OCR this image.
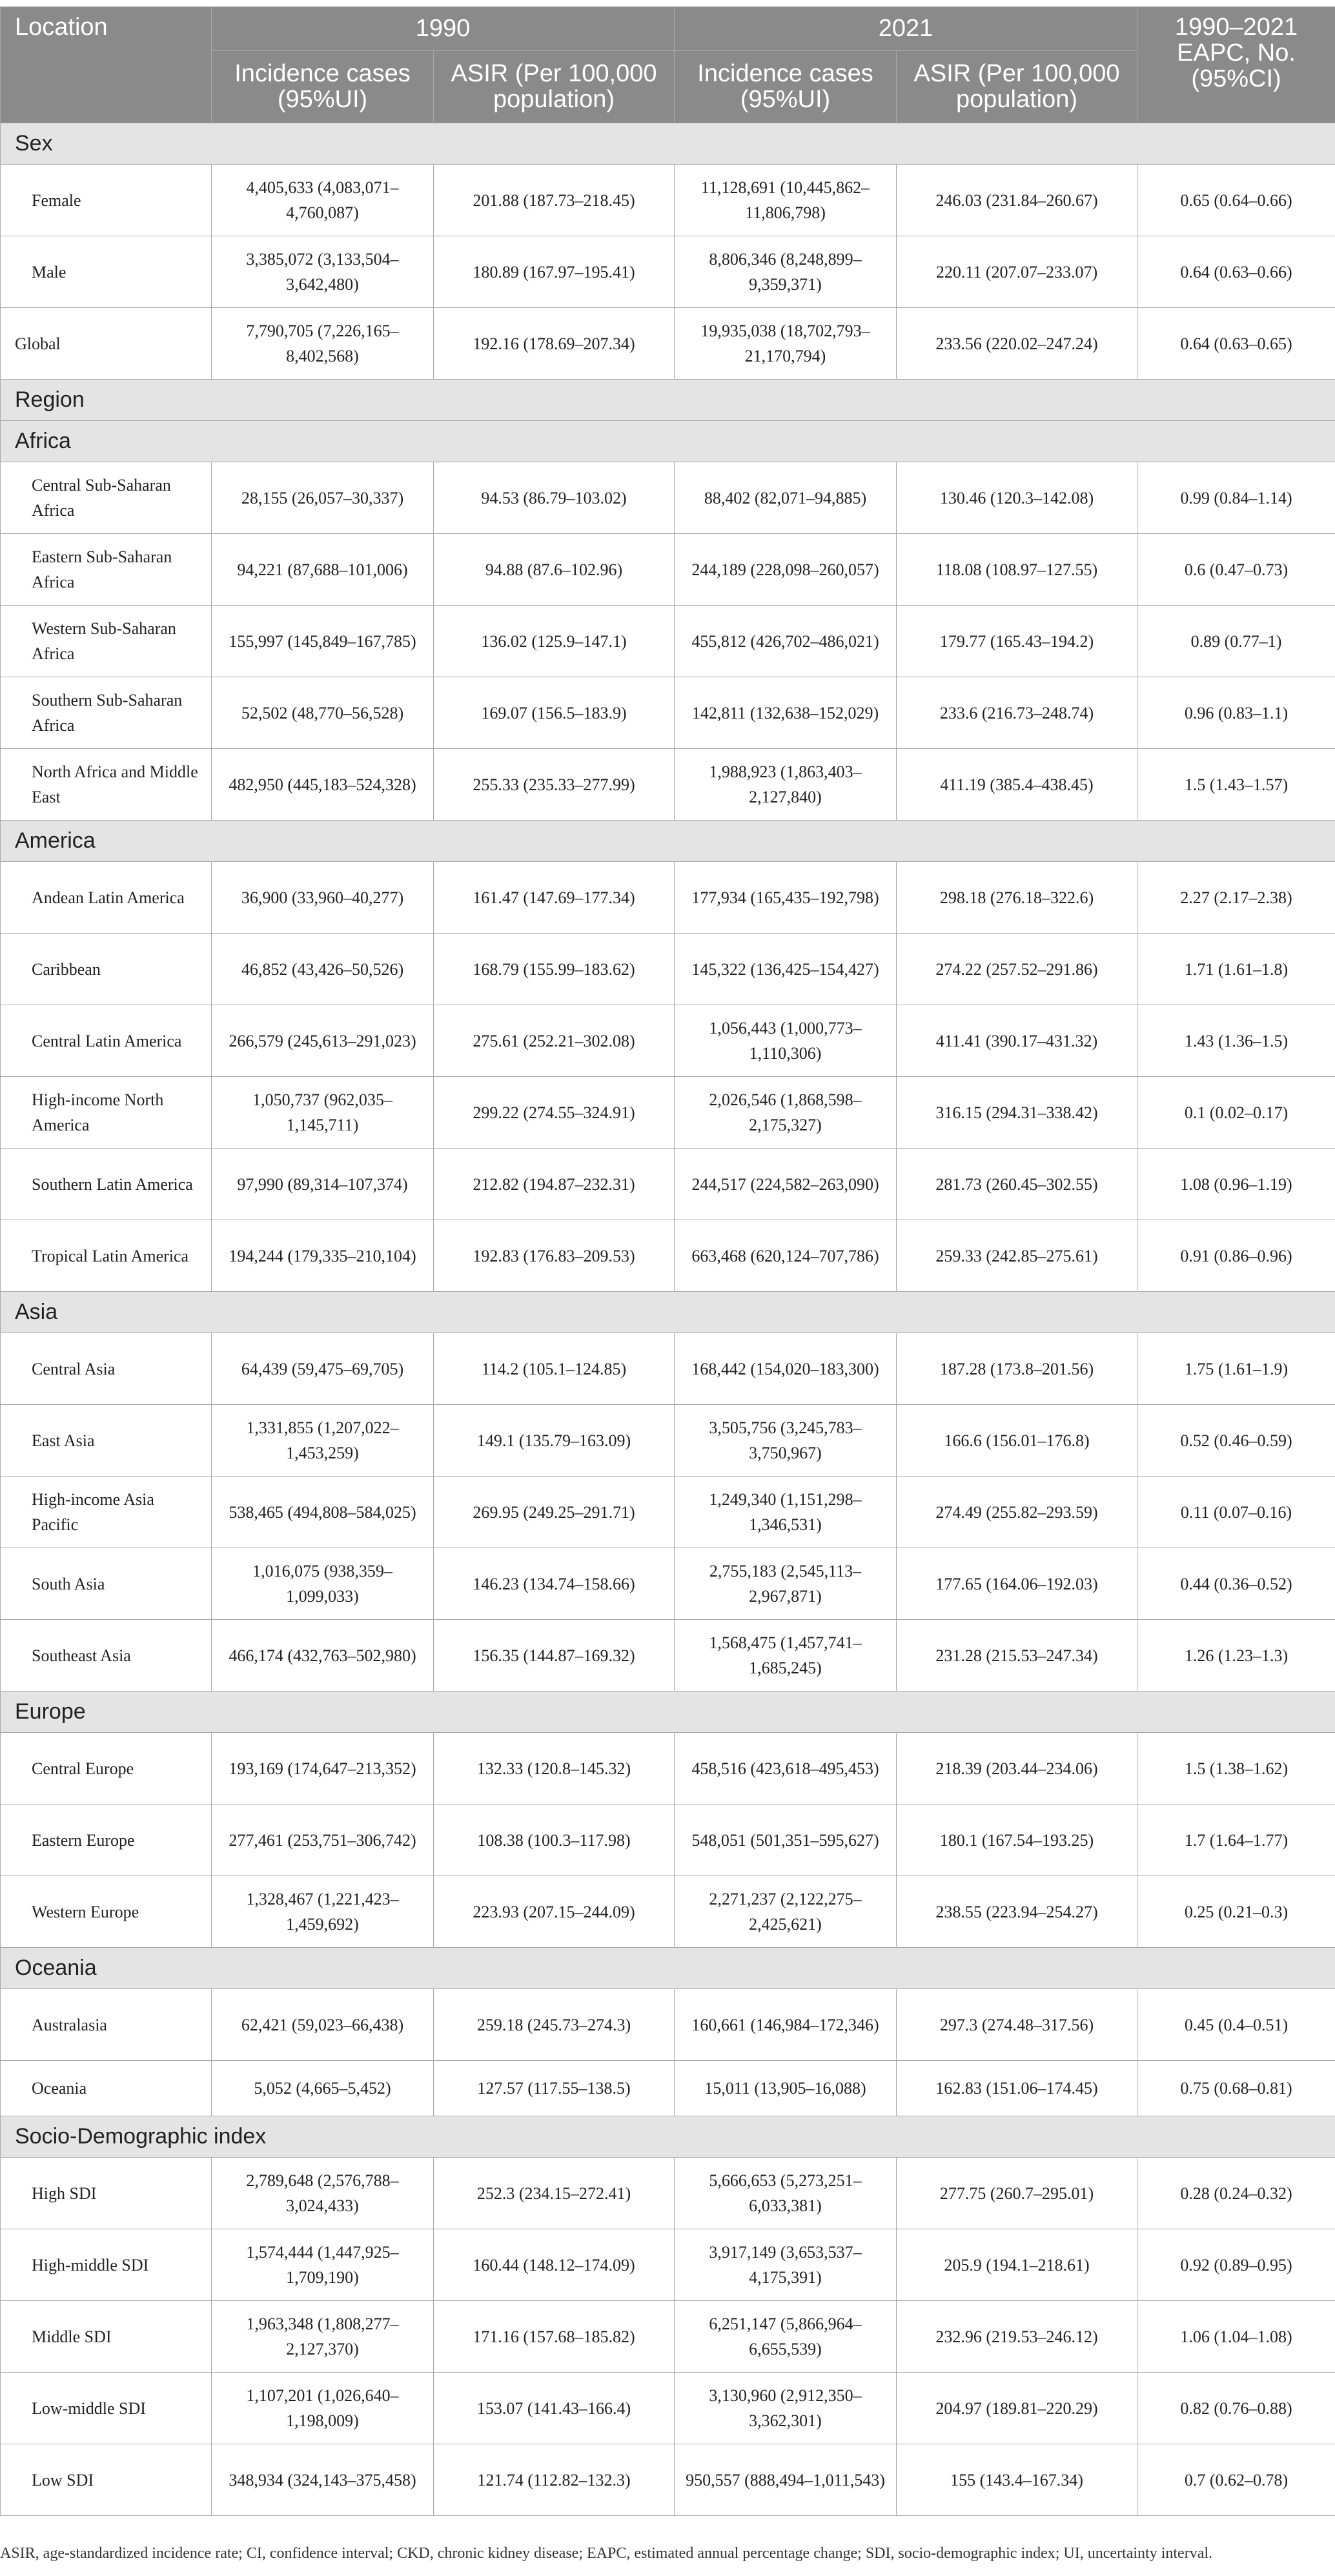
Location	1990		2021		1990–2021 EAPC, No. (95%CI)
	Incidence cases (95%UI)	ASIR (Per 100,000 population)	Incidence cases (95%UI)	ASIR (Per 100,000 population)	
Sex					
Female	4,405,633 (4,083,071–4,760,087)	201.88 (187.73–218.45)	11,128,691 (10,445,862–11,806,798)	246.03 (231.84–260.67)	0.65 (0.64–0.66)
Male	3,385,072 (3,133,504–3,642,480)	180.89 (167.97–195.41)	8,806,346 (8,248,899–9,359,371)	220.11 (207.07–233.07)	0.64 (0.63–0.66)
Global	7,790,705 (7,226,165–8,402,568)	192.16 (178.69–207.34)	19,935,038 (18,702,793–21,170,794)	233.56 (220.02–247.24)	0.64 (0.63–0.65)
Region					
Africa					
Central Sub-Saharan Africa	28,155 (26,057–30,337)	94.53 (86.79–103.02)	88,402 (82,071–94,885)	130.46 (120.3–142.08)	0.99 (0.84–1.14)
Eastern Sub-Saharan Africa	94,221 (87,688–101,006)	94.88 (87.6–102.96)	244,189 (228,098–260,057)	118.08 (108.97–127.55)	0.6 (0.47–0.73)
Western Sub-Saharan Africa	155,997 (145,849–167,785)	136.02 (125.9–147.1)	455,812 (426,702–486,021)	179.77 (165.43–194.2)	0.89 (0.77–1)
Southern Sub-Saharan Africa	52,502 (48,770–56,528)	169.07 (156.5–183.9)	142,811 (132,638–152,029)	233.6 (216.73–248.74)	0.96 (0.83–1.1)
North Africa and Middle East	482,950 (445,183–524,328)	255.33 (235.33–277.99)	1,988,923 (1,863,403–2,127,840)	411.19 (385.4–438.45)	1.5 (1.43–1.57)
America					
Andean Latin America	36,900 (33,960–40,277)	161.47 (147.69–177.34)	177,934 (165,435–192,798)	298.18 (276.18–322.6)	2.27 (2.17–2.38)
Caribbean	46,852 (43,426–50,526)	168.79 (155.99–183.62)	145,322 (136,425–154,427)	274.22 (257.52–291.86)	1.71 (1.61–1.8)
Central Latin America	266,579 (245,613–291,023)	275.61 (252.21–302.08)	1,056,443 (1,000,773–1,110,306)	411.41 (390.17–431.32)	1.43 (1.36–1.5)
High-income North America	1,050,737 (962,035–1,145,711)	299.22 (274.55–324.91)	2,026,546 (1,868,598–2,175,327)	316.15 (294.31–338.42)	0.1 (0.02–0.17)
Southern Latin America	97,990 (89,314–107,374)	212.82 (194.87–232.31)	244,517 (224,582–263,090)	281.73 (260.45–302.55)	1.08 (0.96–1.19)
Tropical Latin America	194,244 (179,335–210,104)	192.83 (176.83–209.53)	663,468 (620,124–707,786)	259.33 (242.85–275.61)	0.91 (0.86–0.96)
Asia					
Central Asia	64,439 (59,475–69,705)	114.2 (105.1–124.85)	168,442 (154,020–183,300)	187.28 (173.8–201.56)	1.75 (1.61–1.9)
East Asia	1,331,855 (1,207,022–1,453,259)	149.1 (135.79–163.09)	3,505,756 (3,245,783–3,750,967)	166.6 (156.01–176.8)	0.52 (0.46–0.59)
High-income Asia Pacific	538,465 (494,808–584,025)	269.95 (249.25–291.71)	1,249,340 (1,151,298–1,346,531)	274.49 (255.82–293.59)	0.11 (0.07–0.16)
South Asia	1,016,075 (938,359–1,099,033)	146.23 (134.74–158.66)	2,755,183 (2,545,113–2,967,871)	177.65 (164.06–192.03)	0.44 (0.36–0.52)
Southeast Asia	466,174 (432,763–502,980)	156.35 (144.87–169.32)	1,568,475 (1,457,741–1,685,245)	231.28 (215.53–247.34)	1.26 (1.23–1.3)
Europe					
Central Europe	193,169 (174,647–213,352)	132.33 (120.8–145.32)	458,516 (423,618–495,453)	218.39 (203.44–234.06)	1.5 (1.38–1.62)
Eastern Europe	277,461 (253,751–306,742)	108.38 (100.3–117.98)	548,051 (501,351–595,627)	180.1 (167.54–193.25)	1.7 (1.64–1.77)
Western Europe	1,328,467 (1,221,423–1,459,692)	223.93 (207.15–244.09)	2,271,237 (2,122,275–2,425,621)	238.55 (223.94–254.27)	0.25 (0.21–0.3)
Oceania					
Australasia	62,421 (59,023–66,438)	259.18 (245.73–274.3)	160,661 (146,984–172,346)	297.3 (274.48–317.56)	0.45 (0.4–0.51)
Oceania	5,052 (4,665–5,452)	127.57 (117.55–138.5)	15,011 (13,905–16,088)	162.83 (151.06–174.45)	0.75 (0.68–0.81)
Socio-Demographic index					
High SDI	2,789,648 (2,576,788–3,024,433)	252.3 (234.15–272.41)	5,666,653 (5,273,251–6,033,381)	277.75 (260.7–295.01)	0.28 (0.24–0.32)
High-middle SDI	1,574,444 (1,447,925–1,709,190)	160.44 (148.12–174.09)	3,917,149 (3,653,537–4,175,391)	205.9 (194.1–218.61)	0.92 (0.89–0.95)
Middle SDI	1,963,348 (1,808,277–2,127,370)	171.16 (157.68–185.82)	6,251,147 (5,866,964–6,655,539)	232.96 (219.53–246.12)	1.06 (1.04–1.08)
Low-middle SDI	1,107,201 (1,026,640–1,198,009)	153.07 (141.43–166.4)	3,130,960 (2,912,350–3,362,301)	204.97 (189.81–220.29)	0.82 (0.76–0.88)
Low SDI	348,934 (324,143–375,458)	121.74 (112.82–132.3)	950,557 (888,494–1,011,543)	155 (143.4–167.34)	0.7 (0.62–0.78)
ASIR, age-standardized incidence rate; CI, confidence interval; CKD, chronic kidney disease; EAPC, estimated annual percentage change; SDI, socio-demographic index; UI, uncertainty interval.
